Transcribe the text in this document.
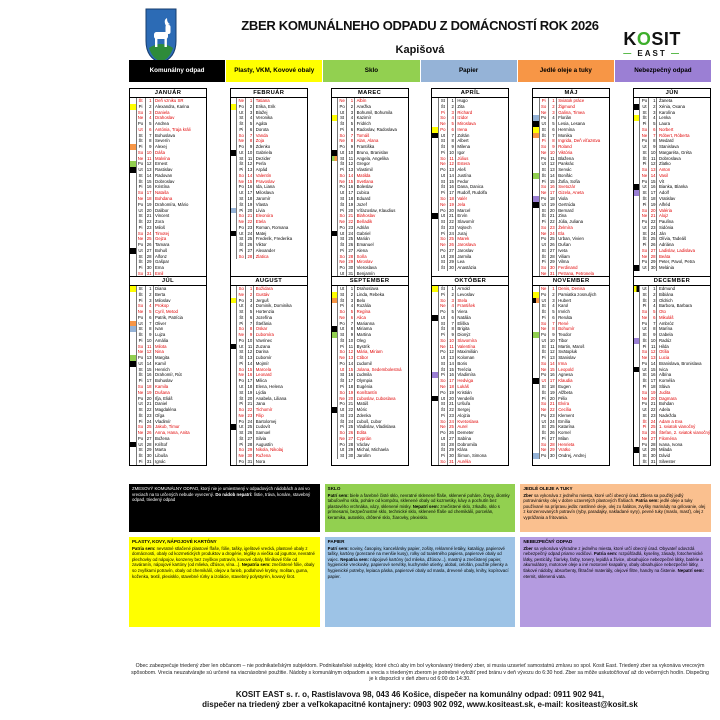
ZBER KOMUNÁLNEHO ODPADU Z DOMÁCNOSTÍ ROK 2026
Kapišová
KOSIT
— EAST —
Komunálny odpad	Plasty, VKM, Kovové obaly	Sklo	Papier	Jedlé oleje a tuky	Nebezpečný odpad
JANUÁR
Št	1 Deň vzniku SR
Pi	2 Alexandra, Karina
So	3 Daniela
Ne	4 Drahoslav
Po	5 Andrea
Ut	6 Antónia, Traja králi
St	7 Bohuslava
Št	8 Severín
Pi	9 Alexej
So 10 Dáša
Ne 11 Malvína
Po 12 Ernest
Ut 13 Rastislav
St 14 Radovan
Št 15 Dobroslav
Pi	16 Kristína
So 17 Nataša
Ne 18 Bohdana
Po 19 Drahomíra, Mário
Ut 20 Dalibor
St 21 Vincent
Št 22 Zora
Pi	23 Miloš
So 24 Timotej
Ne 25 Gejza
Po 26 Tamara
Ut 27 Bohuš
St 28 Alfonz
Št 29 Gašpar
Pi	30 Ema
So 31 Emil
FEBRUÁR
Ne	1 Tatiana
Po	2 Erika, Erik
Ut	3 Blažej
St	4 Veronika
Št	5 Agáta
Pi	6 Dorota
So	7 Vanda
Ne	8 Zoja
Po	9 Zdenko
Ut 10 Gabriela
St	11 Dezider
Št 12 Perla
Pi	13 Arpád
So 14 Valentín
Ne 15 Pravoslav
Po 16 Ida, Liana
Ut 17 Miloslava
St 18 Jaromír
Št 19 Vlasta
Pi	20 Lívia
So 21 Eleonóra
Ne 22 Etela
Po 23 Roman, Romana
Ut 24 Matej
St 25 Frederik, Frederika
Št 26 Viktor
Pi	27 Alexander
So 28 Zlatica
MAREC
Ne	1 Albín
Po	2 Anežka
Ut	3 Bohumil, Bohumila
St	4 Kazimír
Št	5 Fridrich
Pi	6 Radoslav, Radoslava
So	7 Tomáš
Ne	8 Alan, Alana
Po	9 Františka
Ut 10 Bruno, Branislav
St	11 Angela, Angelika
Št 12 Gregor
Pi	13 Vlastimil
So 14 Matilda
Ne 15 Svetlana
Po 16 Boleslav
Ut 17 Ľubica
St 18 Eduard
Št 19 Jozef
Pi	20 Víťazoslav, Klaudius
So 21 Blahoslav
Ne 22 Beňadik
Po 23 Adrián
Ut 24 Gabriel
St 25 Marián
Št 26 Emanuel
Pi	27 Alena
So 28 Soňa
Ne 29 Miroslav
Po 30 Vieroslava
Ut 31 Benjamín
APRÍL
St	1 Hugo
Št	2 Zita
Pi	3 Richard
So	4 Izidor
Ne	5 Miroslava
Po	6 Irena
Ut	7 Zoltán
St	8 Albert
Št	9 Milena
Pi	10 Igor
So 11 Július
Ne 12 Estera
Po 13 Aleš
Ut 14 Justína
St 15 Fedor
Št 16 Dana, Danica
Pi	17 Rudolf, Rudolfa
So 18 Valér
Ne 19 Jela
Po 20 Marcel
Ut 21 Ervín
St 22 Slavomír
Št 23 Vojtech
Pi	24 Juraj
So 25 Marek
Ne 26 Jaroslava
Po 27 Jaroslav
Ut 28 Jarmila
St 29 Lea
Št 30 Anastázia
MÁJ
Pi	1 Sviatok práce
So	2 Žigmund
Ne	3 Galina, Timea
Po	4 Florián
Ut	5 Lesia, Lesana
St	6 Hermína
Št	7 Monika
Pi	8 Ingrida, Deň víťazstva
So	9 Roland
Ne 10 Viktória
Po 11 Blažena
Ut 12 Pankrác
St 13 Servác
Št 14 Bonifác
Pi	15 Žofia, Sofia
So 16 Svetozár
Ne 17 Gizela, Aneta
Po 18 Viola
Ut 19 Gertrúda
St 20 Bernard
Št 21 Zina
Pi	22 Júlia, Juliana
So 23 Želmíra
Ne 24 Ela
Po 25 Urban, Vivien
Ut 26 Dušan
St 27 Iveta
Št 28 Viliam
Pi	29 Vilma
So 30 Ferdinand
Ne 31 Petrana, Petronela
JÚN
Po	1 Žaneta
Ut	2 Xénia, Oxana
St	3 Karolína
Št	4 Lenka
Pi	5 Laura
So	6 Norbert
Ne	7 Róbert, Róberta
Po	8 Medard
Ut	9 Stanislava
St 10 Margaréta, Gréta
Št	11 Dobroslava
Pi	12 Zlatko
So 13 Anton
Ne 14 Vasil
Po 15 Vít
Ut 16 Bianka, Blanka
St 17 Adolf
Št 18 Vratislav
Pi	19 Alfréd
So 20 Valéria
Ne 21 Alojz
Po 22 Paulína
Ut 23 Sidónia
St 24 Ján
Št 25 Olívia, Tadeáš
Pi	26 Adriána
So 27 Ladislav, Ladislava
Ne 28 Beáta
Po 29 Peter, Pavol, Petra
Ut 30 Melánia
JÚL
St	1 Diana
Št	2 Berta
Pi	3 Miloslav
So	4 Prokop
Ne	5 Cyril, Metod
Po	6 Patrik, Patrícia
Ut	7 Oliver
St	8 Ivan
Št	9 Lujza
Pi	10 Amália
So 11 Milota
Ne 12 Nina
Po 13 Margita
Ut 14 Kamil
St 15 Henrich
Št 16 Drahomír, Rút
Pi	17 Bohuslav
So 18 Kamila
Ne 19 Dušana
Po 20 Iľja, Eliáš
Ut 21 Daniel
St 22 Magdaléna
Št 23 Oľga
Pi	24 Vladimír
So 25 Jakub, Timur
Ne 26 Anna, Hana, Anita
Po 27 Božena
Ut 28 Krištof
St 29 Marta
Št 30 Libuša
Pi	31 Ignác
AUGUST
So	1 Božidara
Ne	2 Gustáv
Po	3 Jerguš
Ut	4 Dominik, Dominika
St	5 Hortenzia
Št	6 Jozefína
Pi	7 Štefánia
So	8 Oskar
Ne	9 Ľubomíra
Po 10 Vavrinec
Ut	11 Zuzana
St 12 Darina
Št 13 Ľubomír
Pi	14 Mojmír
So 15 Marcela
Ne 16 Leonard
Po 17 Milica
Ut 18 Elena, Helena
St 19 Lýdia
Št 20 Anabela, Liliana
Pi	21 Jana
So 22 Tichomír
Ne 23 Filip
Po 24 Bartolomej
Ut 25 Ľudovít
St 26 Samuel
Št 27 Silvia
Pi	28 Augustín
So 29 Nikola, Nikolaj
Ne 30 Ružena
Po 31 Nora
SEPTEMBER
Ut	1 Drahoslava
St	2 Linda, Rebeka
Št	3 Belo
Pi	4 Rozália
So	5 Regína
Ne	6 Alica
Po	7 Marianna
Ut	8 Miriama
St	9 Martina
Št 10 Oleg
Pi	11 Bystrík
So 12 Mária, Miriam
Ne 13 Ctibor
Po 14 Ľudomil
Ut 15 Jolana, Sedembolestná
St 16 Ľudmila
Št 17 Olympia
Pi	18 Eugénia
So 19 Konštantín
Ne 20 Ľuboslav, Ľuboslava
Po 21 Matúš
Ut 22 Móric
St 23 Zdenka
Št 24 Ľuboš, Ľubor
Pi	25 Vladislav, Vladislava
So 26 Edita
Ne 27 Cyprián
Po 28 Václav
Ut 29 Michal, Michaela
St 30 Jarolím
OKTÓBER
Št	1 Arnold
Pi	2 Levoslav
So	3 Stela
Ne	4 František
Po	5 Viera
Ut	6 Natália
St	7 Eliška
Št	8 Brigita
Pi	9 Dionýz
So 10 Slavomíra
Ne 11 Valentína
Po 12 Maximilián
Ut 13 Koloman
St 14 Boris
Št 15 Terézia
Pi	16 Vladimíra
So 17 Hedviga
Ne 18 Lukáš
Po 19 Kristián
Ut 20 Vendelín
St 21 Uršuľa
Št 22 Sergej
Pi	23 Alojzia
So 24 Kvetoslava
Ne 25 Aurel
Po 26 Demeter
Ut 27 Sabína
St 28 Dobromila
Št 29 Klára
Pi	30 Šimon, Simona
So 31 Aurélia
NOVEMBER
Ne	1 Denis, Denisa
Po	2 Pamiatka zosnulých
Ut	3 Hubert
St	4 Karol
Št	5 Imrich
Pi	6 Renáta
So	7 René
Ne	8 Bohumír
Po	9 Teodor
Ut 10 Tibor
St	11 Martin, Maroš
Št 12 Svätopluk
Pi	13 Stanislav
So 14 Irma
Ne 15 Leopold
Po 16 Agnesa
Ut 17 Klaudia
St 18 Eugen
Št 19 Alžbeta
Pi	20 Félix
So 21 Elvíra
Ne 22 Cecília
Po 23 Klement
Ut 24 Emília
St 25 Katarína
Št 26 Kornel
Pi	27 Milan
So 28 Henrieta
Ne 29 Vratko
Po 30 Ondrej, Andrej
DECEMBER
Ut	1 Edmund
St	2 Bibiána
Št	3 Oldrich
Pi	4 Barbora, Barbara
So	5 Oto
Ne	6 Mikuláš
Po	7 Ambróz
Ut	8 Marína
St	9 Izabela
Št 10 Radúz
Pi	11 Hilda
So 12 Otília
Ne 13 Lucia
Po 14 Branislava, Bronislava
Ut 15 Ivica
St 16 Albína
Št 17 Kornélia
Pi	18 Sláva
So 19 Judita
Ne 20 Dagmara
Po 21 Bohdan
Ut 22 Adela
St 23 Nadežda
Št 24 Adam a Eva
Pi	25 1. sviatok vianočný
So 26 Štefan, 2. sviatok vianočný
Ne 27 Filoména
Po 28 Ivana, Ivona
Ut 29 Milada
St 30 Dávid
Št 31 Silvester
ZMESOVÝ KOMUNÁLNY ODPAD, ktorý nie je umiestnený v odpadových nádobách a ani vo vreciach na to určených nebude vyvezený. Do nádob nepatrí: lístie, tráva, konáre, stavebný odpad, triedený odpad
PLASTY, KOVY, NÁPOJOVÉ KARTÓNY
Patria sem: nevratné stlačené plastové fľaše, fólie, tašky, igelitové vrecká, plastové obaly z domácnosti, obaly od kozmetických produktov a drogérie, tégliky a viečka od jogurtov, nevratné plechovky od nápojov, konzervy bez zvyškov potravín, kovové obaly, hliníkové fólie od zaváranín, nápojové kartóny (od mlieka, džúsov, vína...). Nepatria sem: znečistené fólie, obaly so zvyškami potravín, obaly od chemikálií, olejov a farieb, podlahové krytiny, molitan, guma, koženka, textil, plexisklo, stavebné rúrky a izolácie, stavebný polystyrén, kovový šrot.
SKLO
Patrí sem: biele a farebné čisté sklo, nevratné sklenené fľaše, sklenené poháre, črepy, úlomky tabuľového skla, poháre od kompótu, sklenené obaly od kozmetiky, kávy a pochutín bez plastového vrchnáka, vázy, sklenené misky. Nepatrí sem: znečistené sklo, zrkadlo, sklo s prímesami, bezpečnostné sklo, technické sklo, sklenené fľaše od chemikálií, porcelán, keramika, autosklo, drôtené sklo, žiarovky, plexisklo.
PAPIER
Patrí sem: noviny, časopisy, kancelársky papier, zošity, reklamné letáky, katalógy, papierové tašky, kartóny (porezané na menšie kusy), rolky od toaletného papiera, papierové obaly od vajec. Nepatria sem: nápojové kartóny (od mlieka, džúsov...), mastný a znečistený papier, hygienické vreckovky, papierové servítky, kuchynské utierky, alobal, celofán, použité plienky a hygienické potreby, lepiaca páska, papierové obaly od masla, drevené obaly, knihy, kopírovací papier.
JEDLÉ OLEJE A TUKY
Zber sa vykonáva z jedného miesta, ktoré určí obecný úrad. Zbiera sa použitý jedlý potravinársky olej v dobre uzavretých plastových fľašiach. Patria sem: jedlé oleje a tuky používané na prípravu jedla: rastlinné oleje, olej zo šalátov, zvyšky marinády na grilovanie, olej z konzervovaných potravín (ryby, paradajky, nakladané syry), pevné tuky (maslo, masť), olej z vyprážania a fritovania.
NEBEZPEČNÝ ODPAD
Zber sa vykonáva výhradne z jedného miesta, ktoré určí obecný úrad. Obyvateľ odovzdá nebezpečný odpad priamo vodičovi. Patria sem: rozpúšťadlá, kyseliny, zásady, fotochemické látky, pesticídy, žiarivky, farby, tonery, lepidlá a živice, obsahujúce nebezpečné látky, batérie a akumulátory, motorové oleje a iné motorové kvapaliny, obaly obsahujúce nebezpečné látky, tlakové nádoby, absorbenty, filtračné materiály, olejové filtre, handry na čistenie. Nepatrí sem: eternit, sklenená vata.
Obec zabezpečuje triedený zber len občanom – nie podnikateľským subjektom. Podnikateľské subjekty, ktoré chcú aby im bol vykonávaný triedený zber, si musia uzavrieť samostatnú zmluvu so spol. Kosit East. Triedený zber sa vykonáva vrecovým spôsobom. Vrecia neuzatvárajte sú určené na viacnásobné použitie. Nádoby s komunálnym odpadom a vrecia s triedeným zberom je potrebné vyložiť pred bránu v deň vývozu do 6:30 hod. Zber sa môže uskutočňovať až do večerných hodín. Dispečing je k dispozícii v deň zberu od 6:00 do 14:30.
KOSIT EAST s. r. o, Rastislavova 98, 043 46 Košice, dispečer na komunálny odpad: 0911 902 941,
dispečer na triedený zber a veľkokapacitné kontajnery: 0903 902 092, www.kositeast.sk, e-mail: kositeast@kosit.sk
